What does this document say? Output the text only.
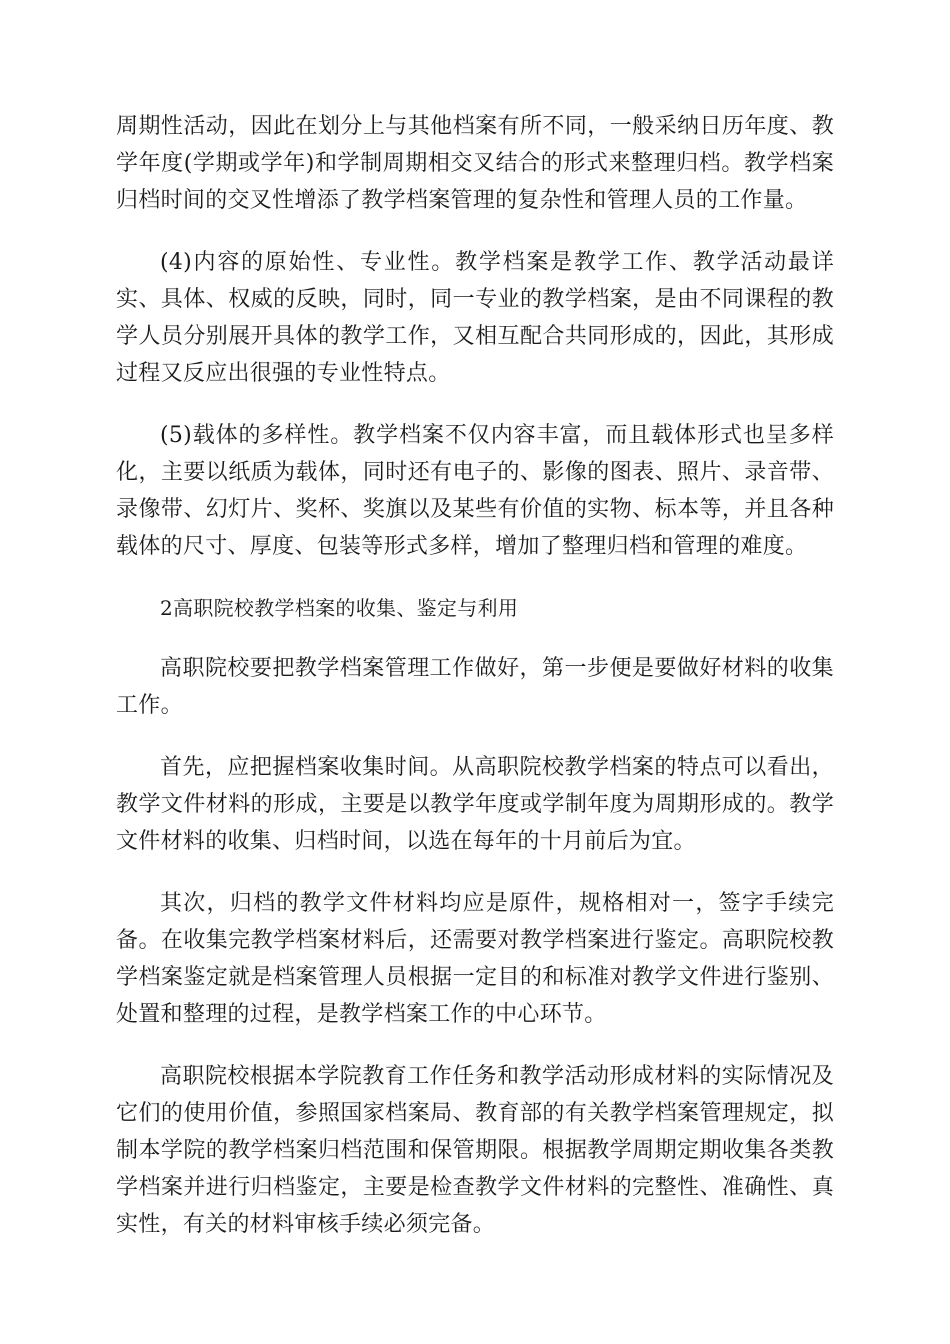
周期性活动，因此在划分上与其他档案有所不同，一般采纳日历年度、教学年度(学期或学年)和学制周期相交叉结合的形式来整理归档。教学档案归档时间的交叉性增添了教学档案管理的复杂性和管理人员的工作量。

(4)内容的原始性、专业性。教学档案是教学工作、教学活动最详实、具体、权威的反映，同时，同一专业的教学档案，是由不同课程的教学人员分别展开具体的教学工作，又相互配合共同形成的，因此，其形成过程又反应出很强的专业性特点。

(5)载体的多样性。教学档案不仅内容丰富，而且载体形式也呈多样化，主要以纸质为载体，同时还有电子的、影像的图表、照片、录音带、录像带、幻灯片、奖杯、奖旗以及某些有价值的实物、标本等，并且各种载体的尺寸、厚度、包装等形式多样，增加了整理归档和管理的难度。

2高职院校教学档案的收集、鉴定与利用

高职院校要把教学档案管理工作做好，第一步便是要做好材料的收集工作。

首先，应把握档案收集时间。从高职院校教学档案的特点可以看出，教学文件材料的形成，主要是以教学年度或学制年度为周期形成的。教学文件材料的收集、归档时间，以选在每年的十月前后为宜。

其次，归档的教学文件材料均应是原件，规格相对一，签字手续完备。在收集完教学档案材料后，还需要对教学档案进行鉴定。高职院校教学档案鉴定就是档案管理人员根据一定目的和标准对教学文件进行鉴别、处置和整理的过程，是教学档案工作的中心环节。

高职院校根据本学院教育工作任务和教学活动形成材料的实际情况及它们的使用价值，参照国家档案局、教育部的有关教学档案管理规定，拟制本学院的教学档案归档范围和保管期限。根据教学周期定期收集各类教学档案并进行归档鉴定，主要是检查教学文件材料的完整性、准确性、真实性，有关的材料审核手续必须完备。
